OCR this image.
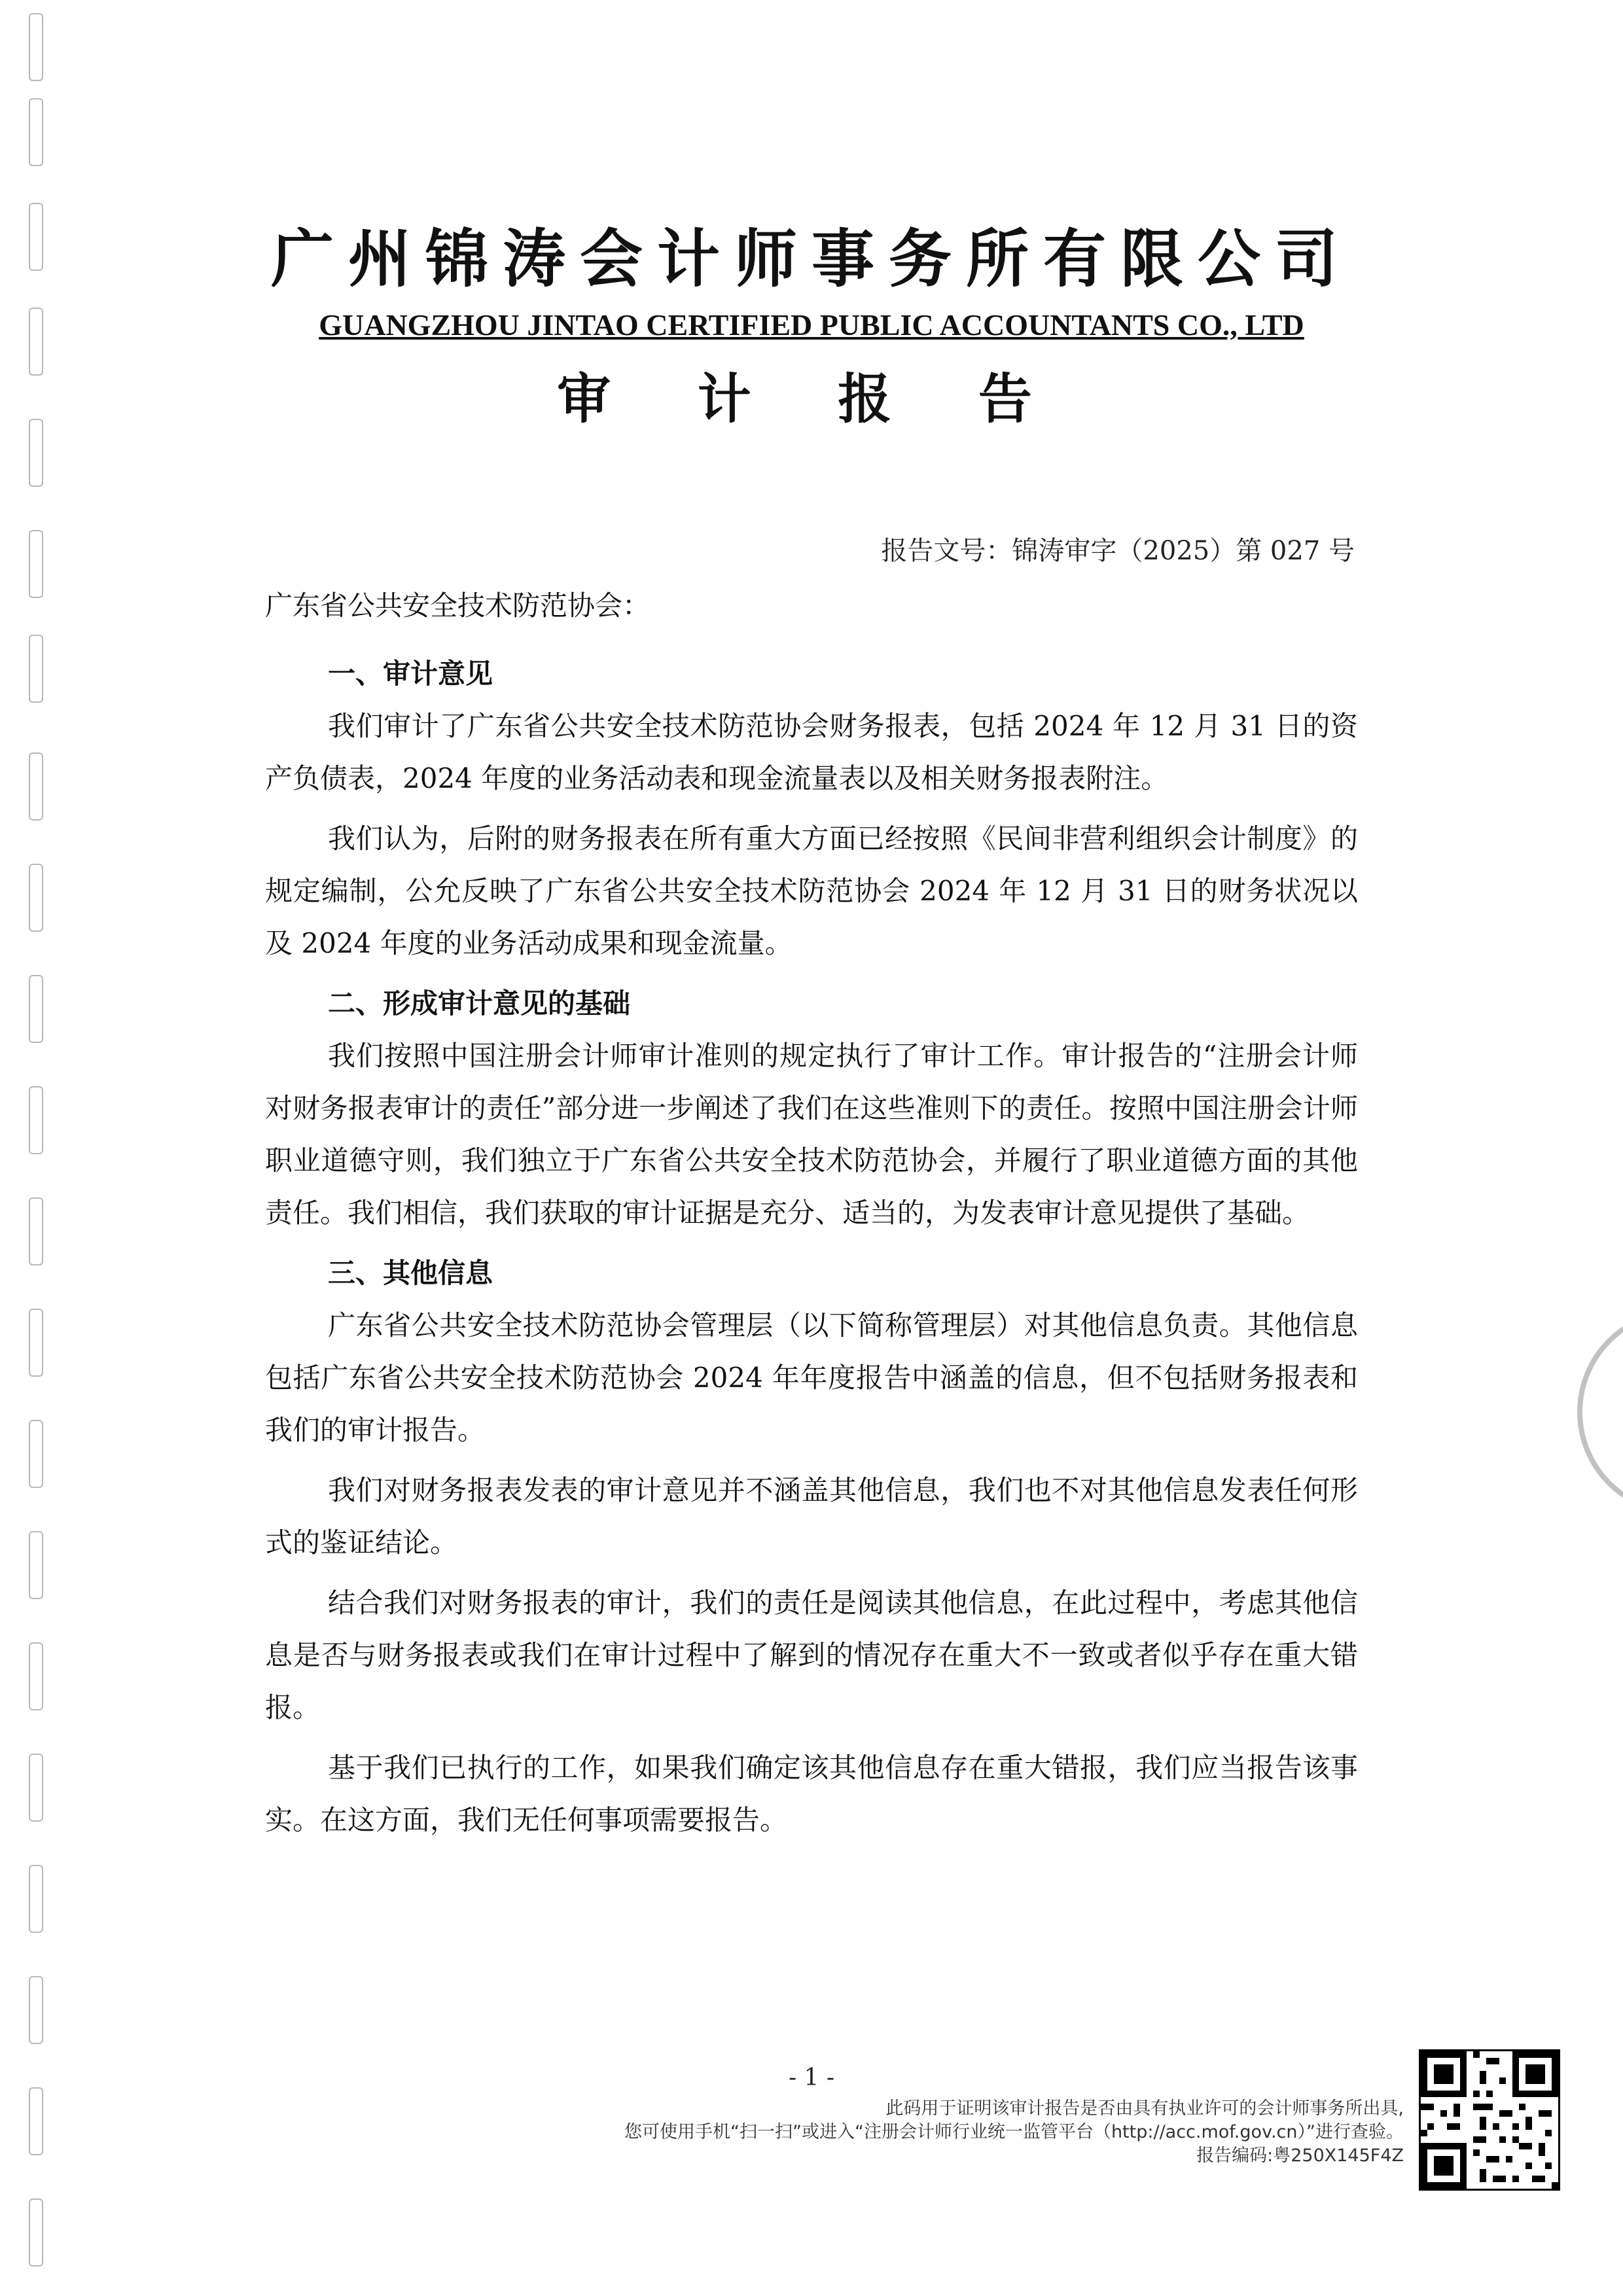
广州锦涛会计师事务所有限公司
GUANGZHOU JINTAO CERTIFIED PUBLIC ACCOUNTANTS CO., LTD
审 计 报 告
报告文号：锦涛审字（2025）第 027 号
广东省公共安全技术防范协会：
一、审计意见

我们审计了广东省公共安全技术防范协会财务报表，包括 2024 年 12 月 31 日的资产负债表，2024 年度的业务活动表和现金流量表以及相关财务报表附注。

我们认为，后附的财务报表在所有重大方面已经按照《民间非营利组织会计制度》的规定编制，公允反映了广东省公共安全技术防范协会 2024 年 12 月 31 日的财务状况以及 2024 年度的业务活动成果和现金流量。

二、形成审计意见的基础

我们按照中国注册会计师审计准则的规定执行了审计工作。审计报告的“注册会计师对财务报表审计的责任”部分进一步阐述了我们在这些准则下的责任。按照中国注册会计师职业道德守则，我们独立于广东省公共安全技术防范协会，并履行了职业道德方面的其他责任。我们相信，我们获取的审计证据是充分、适当的，为发表审计意见提供了基础。

三、其他信息

广东省公共安全技术防范协会管理层（以下简称管理层）对其他信息负责。其他信息包括广东省公共安全技术防范协会 2024 年年度报告中涵盖的信息，但不包括财务报表和我们的审计报告。

我们对财务报表发表的审计意见并不涵盖其他信息，我们也不对其他信息发表任何形式的鉴证结论。

结合我们对财务报表的审计，我们的责任是阅读其他信息，在此过程中，考虑其他信息是否与财务报表或我们在审计过程中了解到的情况存在重大不一致或者似乎存在重大错报。

基于我们已执行的工作，如果我们确定该其他信息存在重大错报，我们应当报告该事实。在这方面，我们无任何事项需要报告。

- 1 -
此码用于证明该审计报告是否由具有执业许可的会计师事务所出具,
您可使用手机“扫一扫”或进入“注册会计师行业统一监管平台（http://acc.mof.gov.cn）”进行查验。
报告编码:粤250X145F4Z
